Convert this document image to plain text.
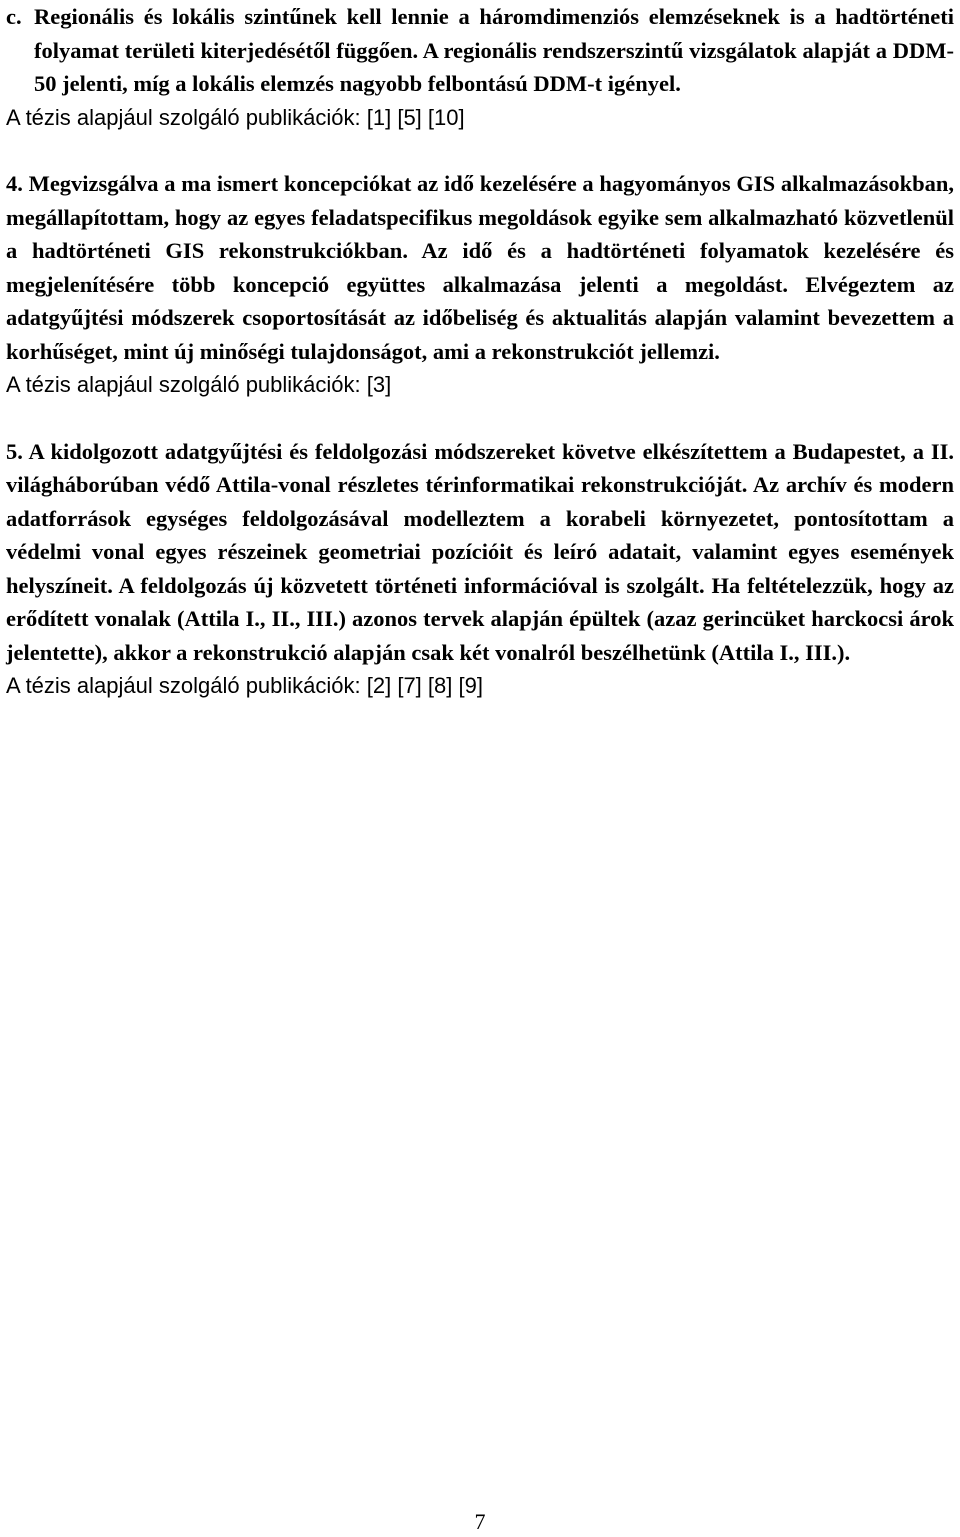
c. Regionális és lokális szintűnek kell lennie a háromdimenziós elemzéseknek is a hadtörténeti folyamat területi kiterjedésétől függően. A regionális rendszerszintű vizsgálatok alapját a DDM-50 jelenti, míg a lokális elemzés nagyobb felbontású DDM-t igényel.

A tézis alapjául szolgáló publikációk: [1] [5] [10]

4. Megvizsgálva a ma ismert koncepciókat az idő kezelésére a hagyományos GIS alkalmazásokban, megállapítottam, hogy az egyes feladatspecifikus megoldások egyike sem alkalmazható közvetlenül a hadtörténeti GIS rekonstrukciókban. Az idő és a hadtörténeti folyamatok kezelésére és megjelenítésére több koncepció együttes alkalmazása jelenti a megoldást. Elvégeztem az adatgyűjtési módszerek csoportosítását az időbeliség és aktualitás alapján valamint bevezettem a korhűséget, mint új minőségi tulajdonságot, ami a rekonstrukciót jellemzi.

A tézis alapjául szolgáló publikációk: [3]

5. A kidolgozott adatgyűjtési és feldolgozási módszereket követve elkészítettem a Budapestet, a II. világháborúban védő Attila-vonal részletes térinformatikai rekonstrukcióját. Az archív és modern adatforrások egységes feldolgozásával modelleztem a korabeli környezetet, pontosítottam a védelmi vonal egyes részeinek geometriai pozícióit és leíró adatait, valamint egyes események helyszíneit. A feldolgozás új közvetett történeti információval is szolgált. Ha feltételezzük, hogy az erődített vonalak (Attila I., II., III.) azonos tervek alapján épültek (azaz gerincüket harckocsi árok jelentette), akkor a rekonstrukció alapján csak két vonalról beszélhetünk (Attila I., III.).

A tézis alapjául szolgáló publikációk: [2] [7] [8] [9]

7
